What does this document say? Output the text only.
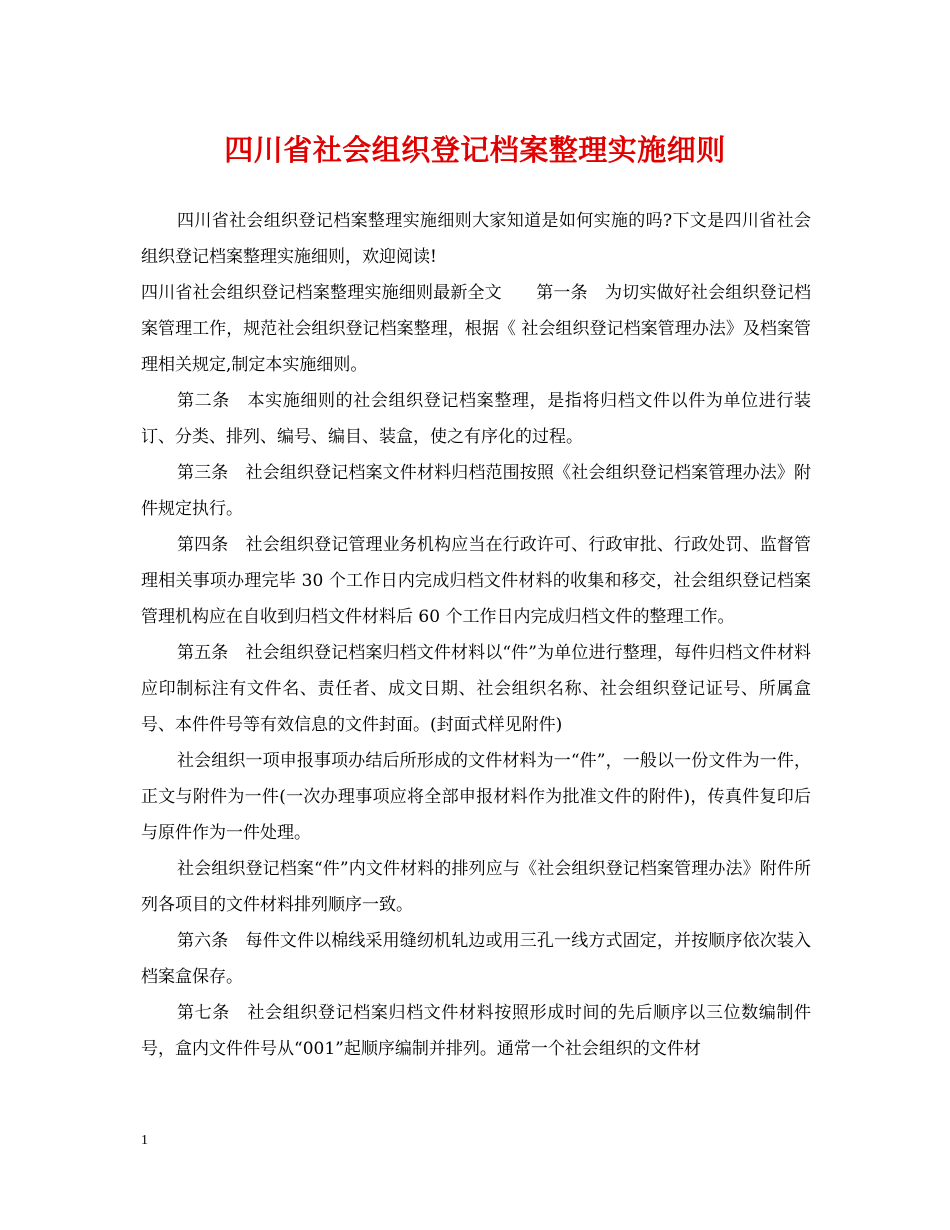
四川省社会组织登记档案整理实施细则

四川省社会组织登记档案整理实施细则大家知道是如何实施的吗?下文是四川省社会组织登记档案整理实施细则，欢迎阅读!

四川省社会组织登记档案整理实施细则最新全文　　第一条　为切实做好社会组织登记档案管理工作，规范社会组织登记档案整理，根据《 社会组织登记档案管理办法》及档案管理相关规定,制定本实施细则。

第二条　本实施细则的社会组织登记档案整理，是指将归档文件以件为单位进行装订、分类、排列、编号、编目、装盒，使之有序化的过程。

第三条　社会组织登记档案文件材料归档范围按照《社会组织登记档案管理办法》附件规定执行。

第四条　社会组织登记管理业务机构应当在行政许可、行政审批、行政处罚、监督管理相关事项办理完毕 30 个工作日内完成归档文件材料的收集和移交，社会组织登记档案管理机构应在自收到归档文件材料后 60 个工作日内完成归档文件的整理工作。

第五条　社会组织登记档案归档文件材料以“件”为单位进行整理，每件归档文件材料应印制标注有文件名、责任者、成文日期、社会组织名称、社会组织登记证号、所属盒号、本件件号等有效信息的文件封面。(封面式样见附件)

社会组织一项申报事项办结后所形成的文件材料为一“件”，一般以一份文件为一件，正文与附件为一件(一次办理事项应将全部申报材料作为批准文件的附件)，传真件复印后与原件作为一件处理。

社会组织登记档案“件”内文件材料的排列应与《社会组织登记档案管理办法》附件所列各项目的文件材料排列顺序一致。

第六条　每件文件以棉线采用缝纫机轧边或用三孔一线方式固定，并按顺序依次装入档案盒保存。

第七条　社会组织登记档案归档文件材料按照形成时间的先后顺序以三位数编制件号，盒内文件件号从“001”起顺序编制并排列。通常一个社会组织的文件材

1
